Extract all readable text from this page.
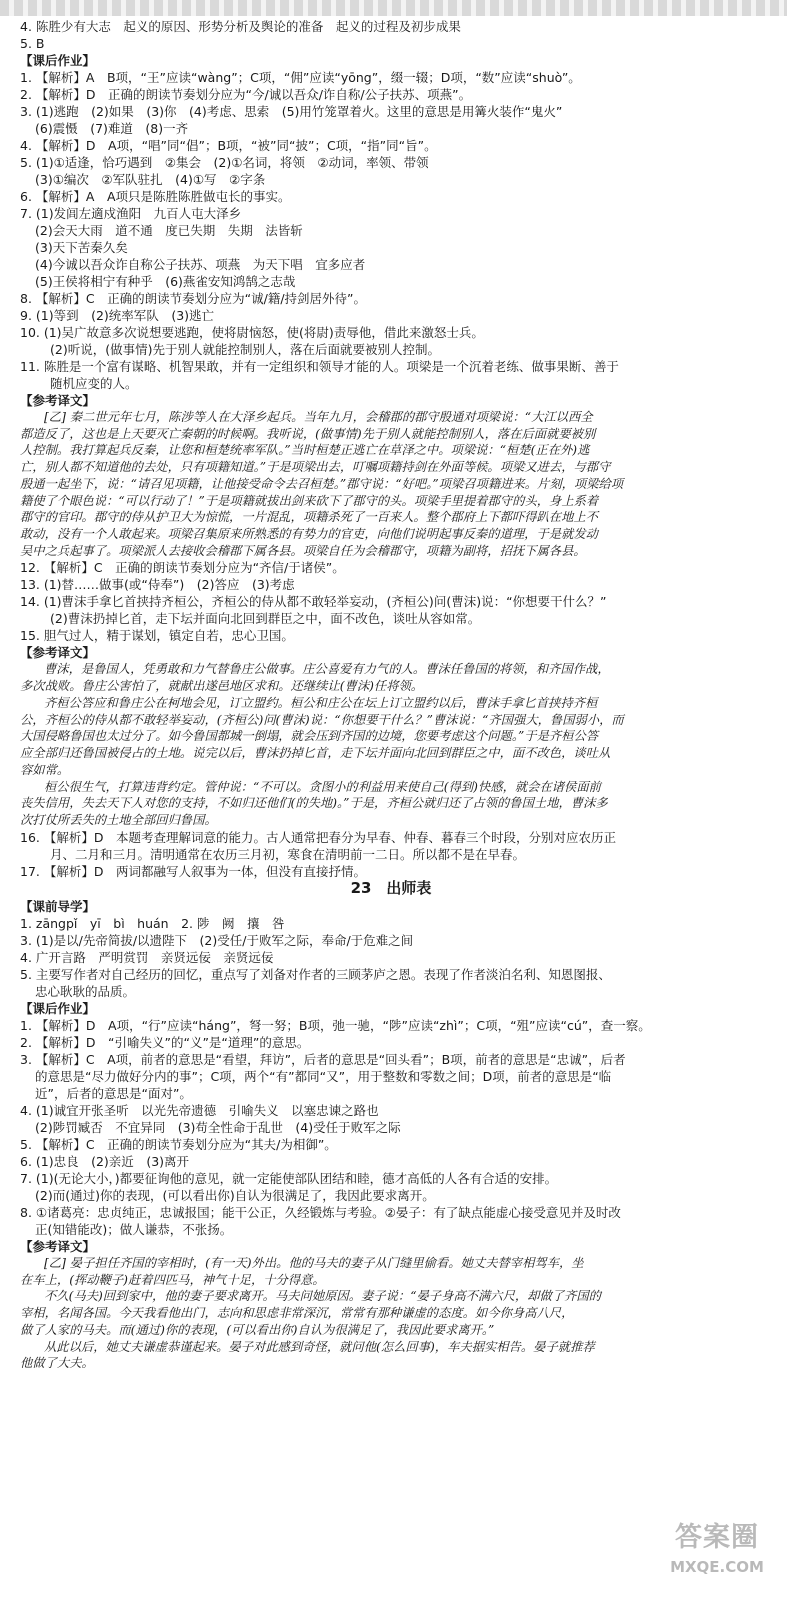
4. 陈胜少有大志　起义的原因、形势分析及舆论的准备　起义的过程及初步成果
5. B
【课后作业】
1. 【解析】A　B项，“王”应读“wàng”；C项，“佣”应读“yōng”，缀一辍；D项，“数”应读“shuò”。
2. 【解析】D　正确的朗读节奏划分应为“今/诚以吾众/诈自称/公子扶苏、项燕”。
3. (1)逃跑　(2)如果　(3)你　(4)考虑、思索　(5)用竹笼罩着火。这里的意思是用篝火装作“鬼火”
(6)震慑　(7)难道　(8)一齐
4. 【解析】D　A项，“唱”同“倡”；B项，“被”同“披”；C项，“指”同“旨”。
5. (1)①适逢，恰巧遇到　②集会　(2)①名词，将领　②动词，率领、带领
(3)①编次　②军队驻扎　(4)①写　②字条
6. 【解析】A　A项只是陈胜陈胜做屯长的事实。
7. (1)发闾左適戍渔阳　九百人屯大泽乡
(2)会天大雨　道不通　度已失期　失期　法皆斩
(3)天下苦秦久矣
(4)今诚以吾众诈自称公子扶苏、项燕　为天下唱　宜多应者
(5)王侯将相宁有种乎　(6)燕雀安知鸿鹄之志哉
8. 【解析】C　正确的朗读节奏划分应为“诚/籍/持剑居外待”。
9. (1)等到　(2)统率军队　(3)逃亡
10. (1)吴广故意多次说想要逃跑，使将尉恼怒，使(将尉)责辱他，借此来激怒士兵。
(2)听说，(做事情)先于别人就能控制别人，落在后面就要被别人控制。
11. 陈胜是一个富有谋略、机智果敢，并有一定组织和领导才能的人。项梁是一个沉着老练、做事果断、善于
随机应变的人。
【参考译文】
[乙] 秦二世元年七月，陈涉等人在大泽乡起兵。当年九月，会稽郡的郡守殷通对项梁说：“大江以西全
都造反了，这也是上天要灭亡秦朝的时候啊。我听说，(做事情)先于别人就能控制别人，落在后面就要被别
人控制。我打算起兵反秦，让您和桓楚统率军队。”当时桓楚正逃亡在草泽之中。项梁说：“桓楚(正在外)逃
亡，别人都不知道他的去处，只有项籍知道。”于是项梁出去，叮嘱项籍持剑在外面等候。项梁又进去，与郡守
殷通一起坐下，说：“请召见项籍，让他接受命令去召桓楚。”郡守说：“好吧。”项梁召项籍进来。片刻，项梁给项
籍使了个眼色说：“可以行动了！”于是项籍就拔出剑来砍下了郡守的头。项梁手里提着郡守的头，身上系着
郡守的官印。郡守的侍从护卫大为惊慌，一片混乱，项籍杀死了一百来人。整个郡府上下都吓得趴在地上不
敢动，没有一个人敢起来。项梁召集原来所熟悉的有势力的官吏，向他们说明起事反秦的道理，于是就发动
吴中之兵起事了。项梁派人去接收会稽郡下属各县。项梁自任为会稽郡守，项籍为副将，招抚下属各县。
12. 【解析】C　正确的朗读节奏划分应为“齐信/于诸侯”。
13. (1)替……做事(或“侍奉”)　(2)答应　(3)考虑
14. (1)曹沫手拿匕首挟持齐桓公，齐桓公的侍从都不敢轻举妄动，(齐桓公)问(曹沫)说：“你想要干什么？”
(2)曹沫扔掉匕首，走下坛并面向北回到群臣之中，面不改色，谈吐从容如常。
15. 胆气过人，精于谋划，镇定自若，忠心卫国。
【参考译文】
曹沫，是鲁国人，凭勇敢和力气替鲁庄公做事。庄公喜爱有力气的人。曹沫任鲁国的将领，和齐国作战，
多次战败。鲁庄公害怕了，就献出遂邑地区求和。还继续让(曹沫)任将领。
齐桓公答应和鲁庄公在柯地会见，订立盟约。桓公和庄公在坛上订立盟约以后，曹沫手拿匕首挟持齐桓
公，齐桓公的侍从都不敢轻举妄动，(齐桓公)问(曹沫)说：“你想要干什么？”曹沫说：“齐国强大，鲁国弱小，而
大国侵略鲁国也太过分了。如今鲁国都城一倒塌，就会压到齐国的边境，您要考虑这个问题。”于是齐桓公答
应全部归还鲁国被侵占的土地。说完以后，曹沫扔掉匕首，走下坛并面向北回到群臣之中，面不改色，谈吐从
容如常。
桓公很生气，打算违背约定。管仲说：“不可以。贪图小的利益用来使自己(得到)快感，就会在诸侯面前
丧失信用，失去天下人对您的支持，不如归还他们(的失地)。”于是，齐桓公就归还了占领的鲁国土地，曹沫多
次打仗所丢失的土地全部回归鲁国。
16. 【解析】D　本题考查理解词意的能力。古人通常把春分为早春、仲春、暮春三个时段，分别对应农历正
月、二月和三月。清明通常在农历三月初，寒食在清明前一二日。所以都不是在早春。
17. 【解析】D　两词都融写人叙事为一体，但没有直接抒情。
23　出师表
【课前导学】
1. zāngpǐ　yī　bì　huán　2. 陟　阙　攘　咎
3. (1)是以/先帝简拔/以遗陛下　(2)受任/于败军之际，奉命/于危难之间
4. 广开言路　严明赏罚　亲贤远佞　亲贤远佞
5. 主要写作者对自己经历的回忆，重点写了刘备对作者的三顾茅庐之恩。表现了作者淡泊名利、知恩图报、
忠心耿耿的品质。
【课后作业】
1. 【解析】D　A项，“行”应读“háng”，弩一努；B项，弛一驰，“陟”应读“zhì”；C项，“殂”应读“cú”，查一察。
2. 【解析】D　“引喻失义”的“义”是“道理”的意思。
3. 【解析】C　A项，前者的意思是“看望，拜访”，后者的意思是“回头看”；B项，前者的意思是“忠诚”，后者
的意思是“尽力做好分内的事”；C项，两个“有”都同“又”，用于整数和零数之间；D项，前者的意思是“临
近”，后者的意思是“面对”。
4. (1)诚宜开张圣听　以光先帝遗德　引喻失义　以塞忠谏之路也
(2)陟罚臧否　不宜异同　(3)苟全性命于乱世　(4)受任于败军之际
5. 【解析】C　正确的朗读节奏划分应为“其夫/为相御”。
6. (1)忠良　(2)亲近　(3)离开
7. (1)(无论大小，)都要征询他的意见，就一定能使部队团结和睦，德才高低的人各有合适的安排。
(2)而(通过)你的表现，(可以看出你)自认为很满足了，我因此要求离开。
8. ①诸葛亮：忠贞纯正，忠诚报国；能干公正，久经锻炼与考验。②晏子：有了缺点能虚心接受意见并及时改
正(知错能改)；做人谦恭，不张扬。
【参考译文】
[乙] 晏子担任齐国的宰相时，(有一天)外出。他的马夫的妻子从门缝里偷看。她丈夫替宰相驾车，坐
在车上，(挥动鞭子)赶着四匹马，神气十足，十分得意。
不久(马夫)回到家中，他的妻子要求离开。马夫问她原因。妻子说：“晏子身高不满六尺，却做了齐国的
宰相，名闻各国。今天我看他出门，志向和思虑非常深沉，常常有那种谦虚的态度。如今你身高八尺，
做了人家的马夫。而(通过)你的表现，(可以看出你)自认为很满足了，我因此要求离开。”
从此以后，她丈夫谦虚恭谨起来。晏子对此感到奇怪，就问他(怎么回事)，车夫据实相告。晏子就推荐
他做了大夫。
答案圈
MXQE.COM
